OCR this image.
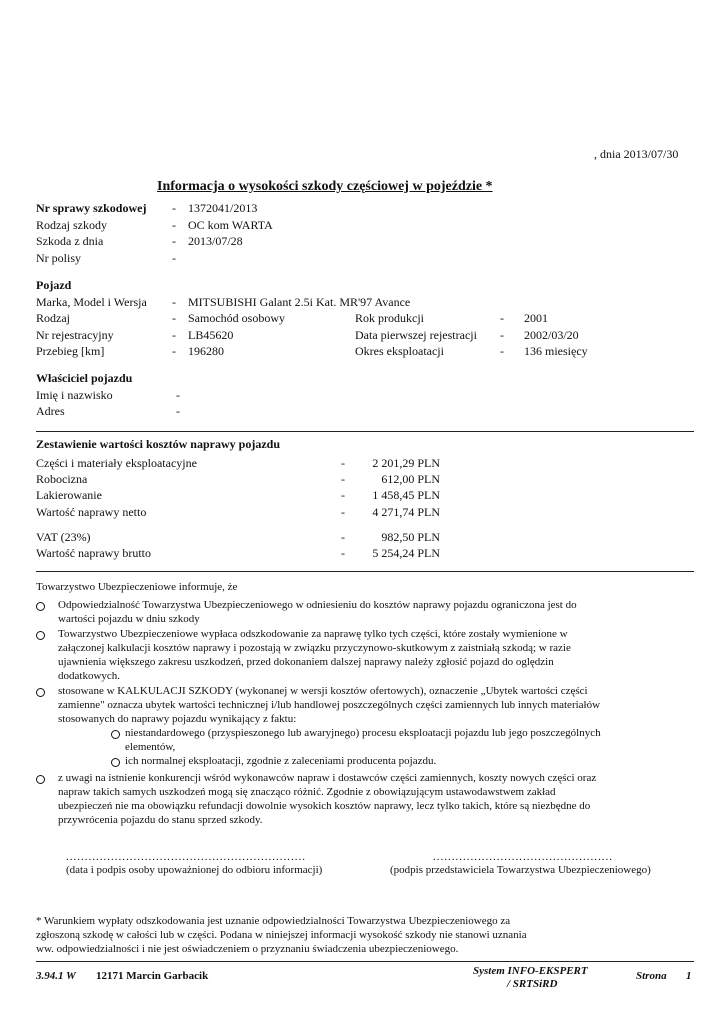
, dnia 2013/07/30
Informacja o wysokości szkody częściowej w pojeździe *
Nr sprawy szkodowej - 1372041/2013
Rodzaj szkody	- OC kom WARTA
Szkoda z dnia	- 2013/07/28
Nr polisy	-
Pojazd
Marka, Model i Wersja - MITSUBISHI Galant 2.5i Kat. MR'97 Avance
Rodzaj	- Samochód osobowy	Rok produkcji	- 2001
Nr rejestracyjny	- LB45620	Data pierwszej rejestracji - 2002/03/20
Przebieg [km]	- 196280	Okres eksploatacji	- 136 miesięcy
Właściciel pojazdu
Imię i nazwisko	-
Adres	-
Zestawienie wartości kosztów naprawy pojazdu
Części i materiały eksploatacyjne	- 2 201,29 PLN
Robocizna	-	612,00 PLN
Lakierowanie	- 1 458,45 PLN
Wartość naprawy netto	- 4 271,74 PLN
VAT (23%)	-	982,50 PLN
Wartość naprawy brutto	- 5 254,24 PLN
Towarzystwo Ubezpieczeniowe informuje, że
Odpowiedzialność Towarzystwa Ubezpieczeniowego w odniesieniu do kosztów naprawy pojazdu ograniczona jest do
wartości pojazdu w dniu szkody
Towarzystwo Ubezpieczeniowe wypłaca odszkodowanie za naprawę tylko tych części, które zostały wymienione w
załączonej kalkulacji kosztów naprawy i pozostają w związku przyczynowo-skutkowym z zaistniałą szkodą; w razie
ujawnienia większego zakresu uszkodzeń, przed dokonaniem dalszej naprawy należy zgłosić pojazd do oględzin
dodatkowych.
stosowane w KALKULACJI SZKODY (wykonanej w wersji kosztów ofertowych), oznaczenie „Ubytek wartości części
zamienne" oznacza ubytek wartości technicznej i/lub handlowej poszczególnych części zamiennych lub innych materiałów
stosowanych do naprawy pojazdu wynikający z faktu:
niestandardowego (przyspieszonego lub awaryjnego) procesu eksploatacji pojazdu lub jego poszczególnych
elementów,
ich normalnej eksploatacji, zgodnie z zaleceniami producenta pojazdu.
z uwagi na istnienie konkurencji wśród wykonawców napraw i dostawców części zamiennych, koszty nowych części oraz
napraw takich samych uszkodzeń mogą się znacząco różnić. Zgodnie z obowiązującym ustawodawstwem zakład
ubezpieczeń nie ma obowiązku refundacji dowolnie wysokich kosztów naprawy, lecz tylko takich, które są niezbędne do
przywrócenia pojazdu do stanu sprzed szkody.
................................................................
(data i podpis osoby upoważnionej do odbioru informacji)
................................................
(podpis przedstawiciela Towarzystwa Ubezpieczeniowego)
* Warunkiem wypłaty odszkodowania jest uznanie odpowiedzialności Towarzystwa Ubezpieczeniowego za
zgłoszoną szkodę w całości lub w części. Podana w niniejszej informacji wysokość szkody nie stanowi uznania
ww. odpowiedzialności i nie jest oświadczeniem o przyznaniu świadczenia ubezpieczeniowego.
3.94.1 W 12171 Marcin Garbacik	System INFO-EKSPERT
/ SRTSiRD
Strona 1
